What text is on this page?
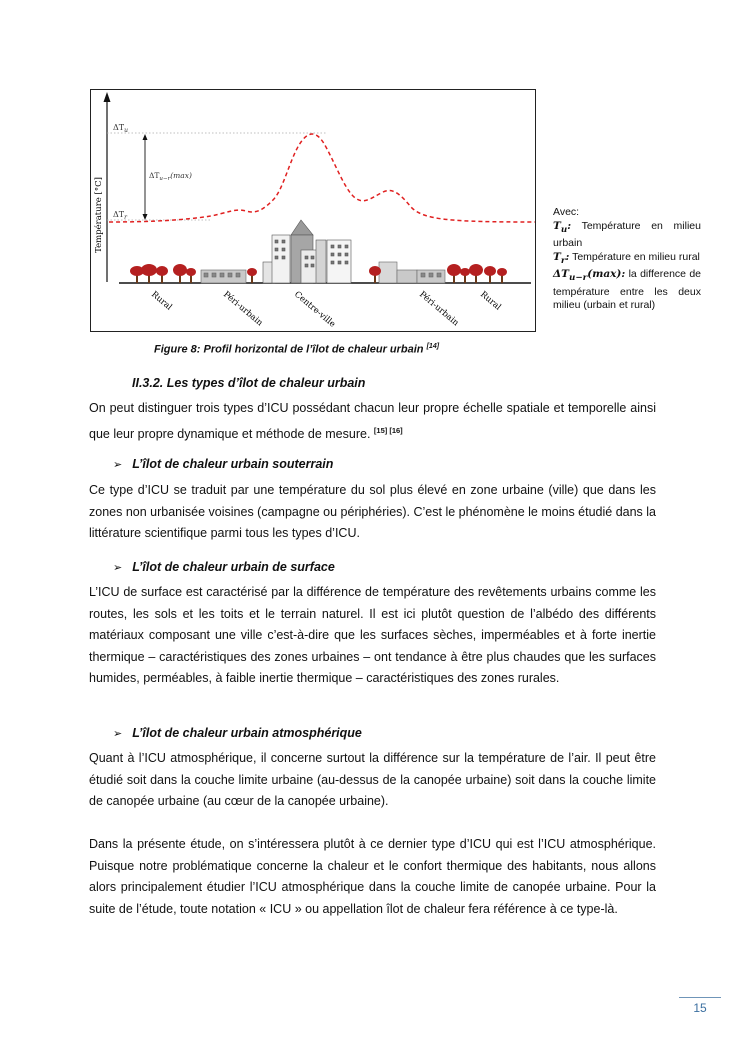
Température [°C]
$\Delta T_u$
$\Delta T_r$
$\Delta T_{u-r}(\max)$
Rural	Péri-urbain	Centre-ville	Péri-urbain Rural
Avec:
$T_u$: Température en milieu urbain
$T_r$: Température en milieu rural
$\Delta T_{u-r}(\max)$: la difference de température entre les deux milieu (urbain et rural)
Figure 8: Profil horizontal de l’îlot de chaleur urbain [14]
II.3.2. Les types d’îlot de chaleur urbain
On peut distinguer trois types d’ICU possédant chacun leur propre échelle spatiale et temporelle ainsi que leur propre dynamique et méthode de mesure. [15] [16]
➢ L’îlot de chaleur urbain souterrain
Ce type d’ICU se traduit par une température du sol plus élevé en zone urbaine (ville) que dans les zones non urbanisée voisines (campagne ou périphéries). C’est le phénomène le moins étudié dans la littérature scientifique parmi tous les types d’ICU.
➢ L’îlot de chaleur urbain de surface
L’ICU de surface est caractérisé par la différence de température des revêtements urbains comme les routes, les sols et les toits et le terrain naturel. Il est ici plutôt question de l’albédo des différents matériaux composant une ville c’est-à-dire que les surfaces sèches, imperméables et à forte inertie thermique – caractéristiques des zones urbaines – ont tendance à être plus chaudes que les surfaces humides, perméables, à faible inertie thermique – caractéristiques des zones rurales.
➢ L’îlot de chaleur urbain atmosphérique
Quant à l’ICU atmosphérique, il concerne surtout la différence sur la température de l’air. Il peut être étudié soit dans la couche limite urbaine (au-dessus de la canopée urbaine) soit dans la couche limite de canopée urbaine (au cœur de la canopée urbaine).
Dans la présente étude, on s’intéressera plutôt à ce dernier type d’ICU qui est l’ICU atmosphérique. Puisque notre problématique concerne la chaleur et le confort thermique des habitants, nous allons alors principalement étudier l’ICU atmosphérique dans la couche limite de canopée urbaine. Pour la suite de l’étude, toute notation « ICU » ou appellation îlot de chaleur fera référence à ce type-là.
15
